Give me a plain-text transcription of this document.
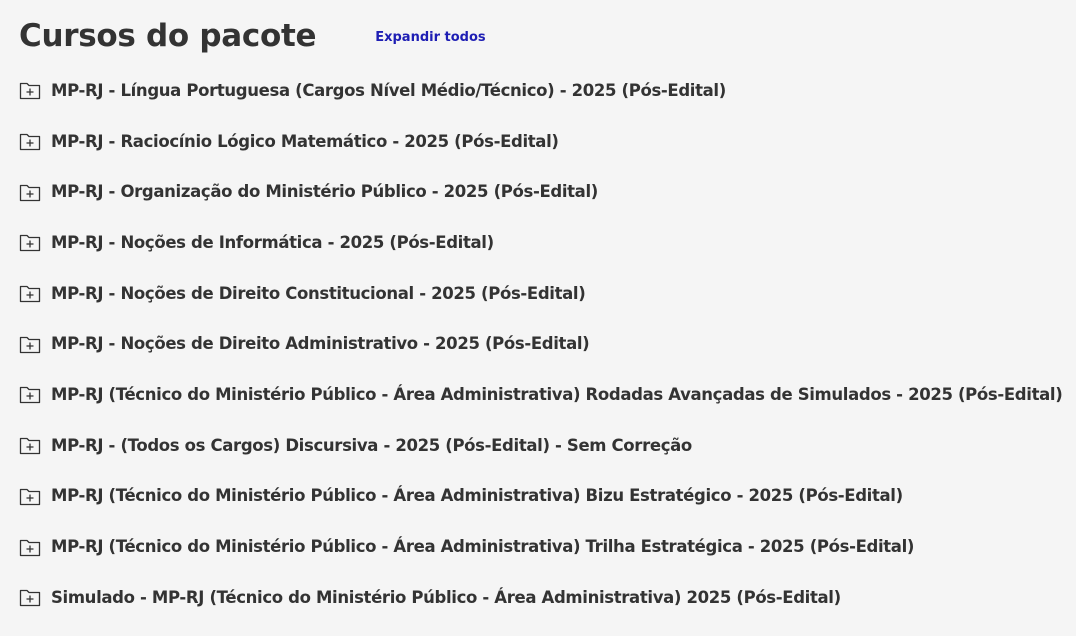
Cursos do pacote	Expandir todos
MP-RJ - Língua Portuguesa (Cargos Nível Médio/Técnico) - 2025 (Pós-Edital)
MP-RJ - Raciocínio Lógico Matemático - 2025 (Pós-Edital)
MP-RJ - Organização do Ministério Público - 2025 (Pós-Edital)
MP-RJ - Noções de Informática - 2025 (Pós-Edital)
MP-RJ - Noções de Direito Constitucional - 2025 (Pós-Edital)
MP-RJ - Noções de Direito Administrativo - 2025 (Pós-Edital)
MP-RJ (Técnico do Ministério Público - Área Administrativa) Rodadas Avançadas de Simulados - 2025 (Pós-Edital)
MP-RJ - (Todos os Cargos) Discursiva - 2025 (Pós-Edital) - Sem Correção
MP-RJ (Técnico do Ministério Público - Área Administrativa) Bizu Estratégico - 2025 (Pós-Edital)
MP-RJ (Técnico do Ministério Público - Área Administrativa) Trilha Estratégica - 2025 (Pós-Edital)
Simulado - MP-RJ (Técnico do Ministério Público - Área Administrativa) 2025 (Pós-Edital)
